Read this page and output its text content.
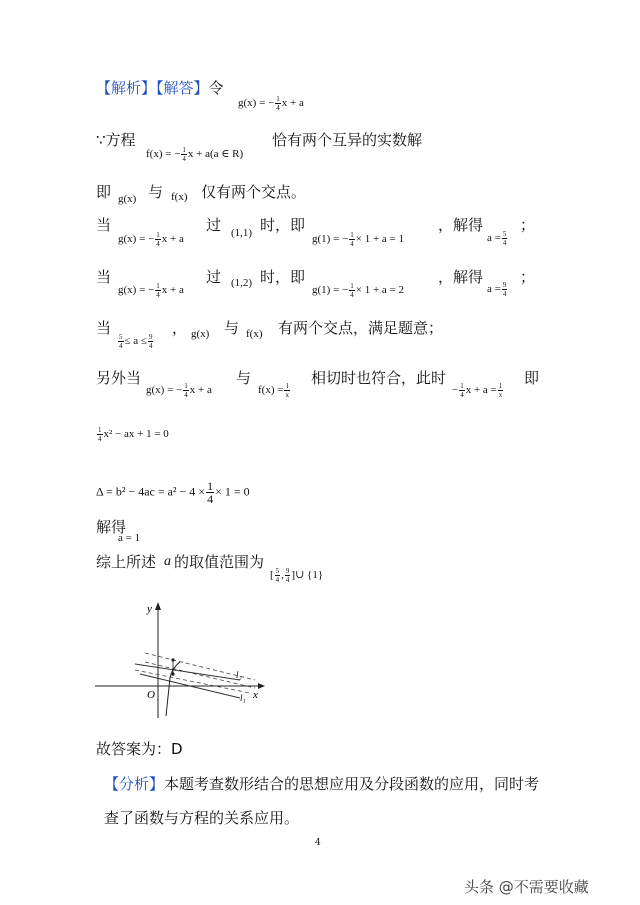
【解析】【解答】令
g(x) = − $\frac{1}{4}$ x + a
∵方程
f(x) = − $\frac{1}{4}$ x + a(a ∈ R)
恰有两个互异的实数解
即 g(x) 与 f(x) 仅有两个交点。
当
g(x) = − $\frac{1}{4}$ x + a
过 (1,1) 时，即
g(1) = − $\frac{1}{4} \times 1 + a = 1$
，解得
$a = \frac{5}{4}$
；
当
g(x) = − $\frac{1}{4}$ x + a
过 (1,2) 时，即
g(1) = − $\frac{1}{4} \times 1 + a = 2$
，解得
$a = \frac{9}{4}$
；
当
$\frac{5}{4} \le a \le \frac{9}{4}$
， g(x) 与 f(x) 有两个交点，满足题意；
另外当
g(x) = − $\frac{1}{4}$ x + a
与
$f(x) = \frac{1}{x}$
相切时也符合，此时
− $\frac{1}{4}$ $x + a = \frac{1}{x}$
即
$\frac{1}{4} x^2$ − ax + 1 = 0
$\Delta = b^2 - 4ac = a^2 - 4 \times \frac{1}{4} \times 1 = 0$
解得
a = 1
综上所述 a 的取值范围为
[ $\frac{5}{4}$ , $\frac{9}{4}$ ]∪ {1}
y
x
O
l₂
l₁
故答案为：D
【分析】本题考查数形结合的思想应用及分段函数的应用，同时考
查了函数与方程的关系应用。
4
头条 @不需要收藏
